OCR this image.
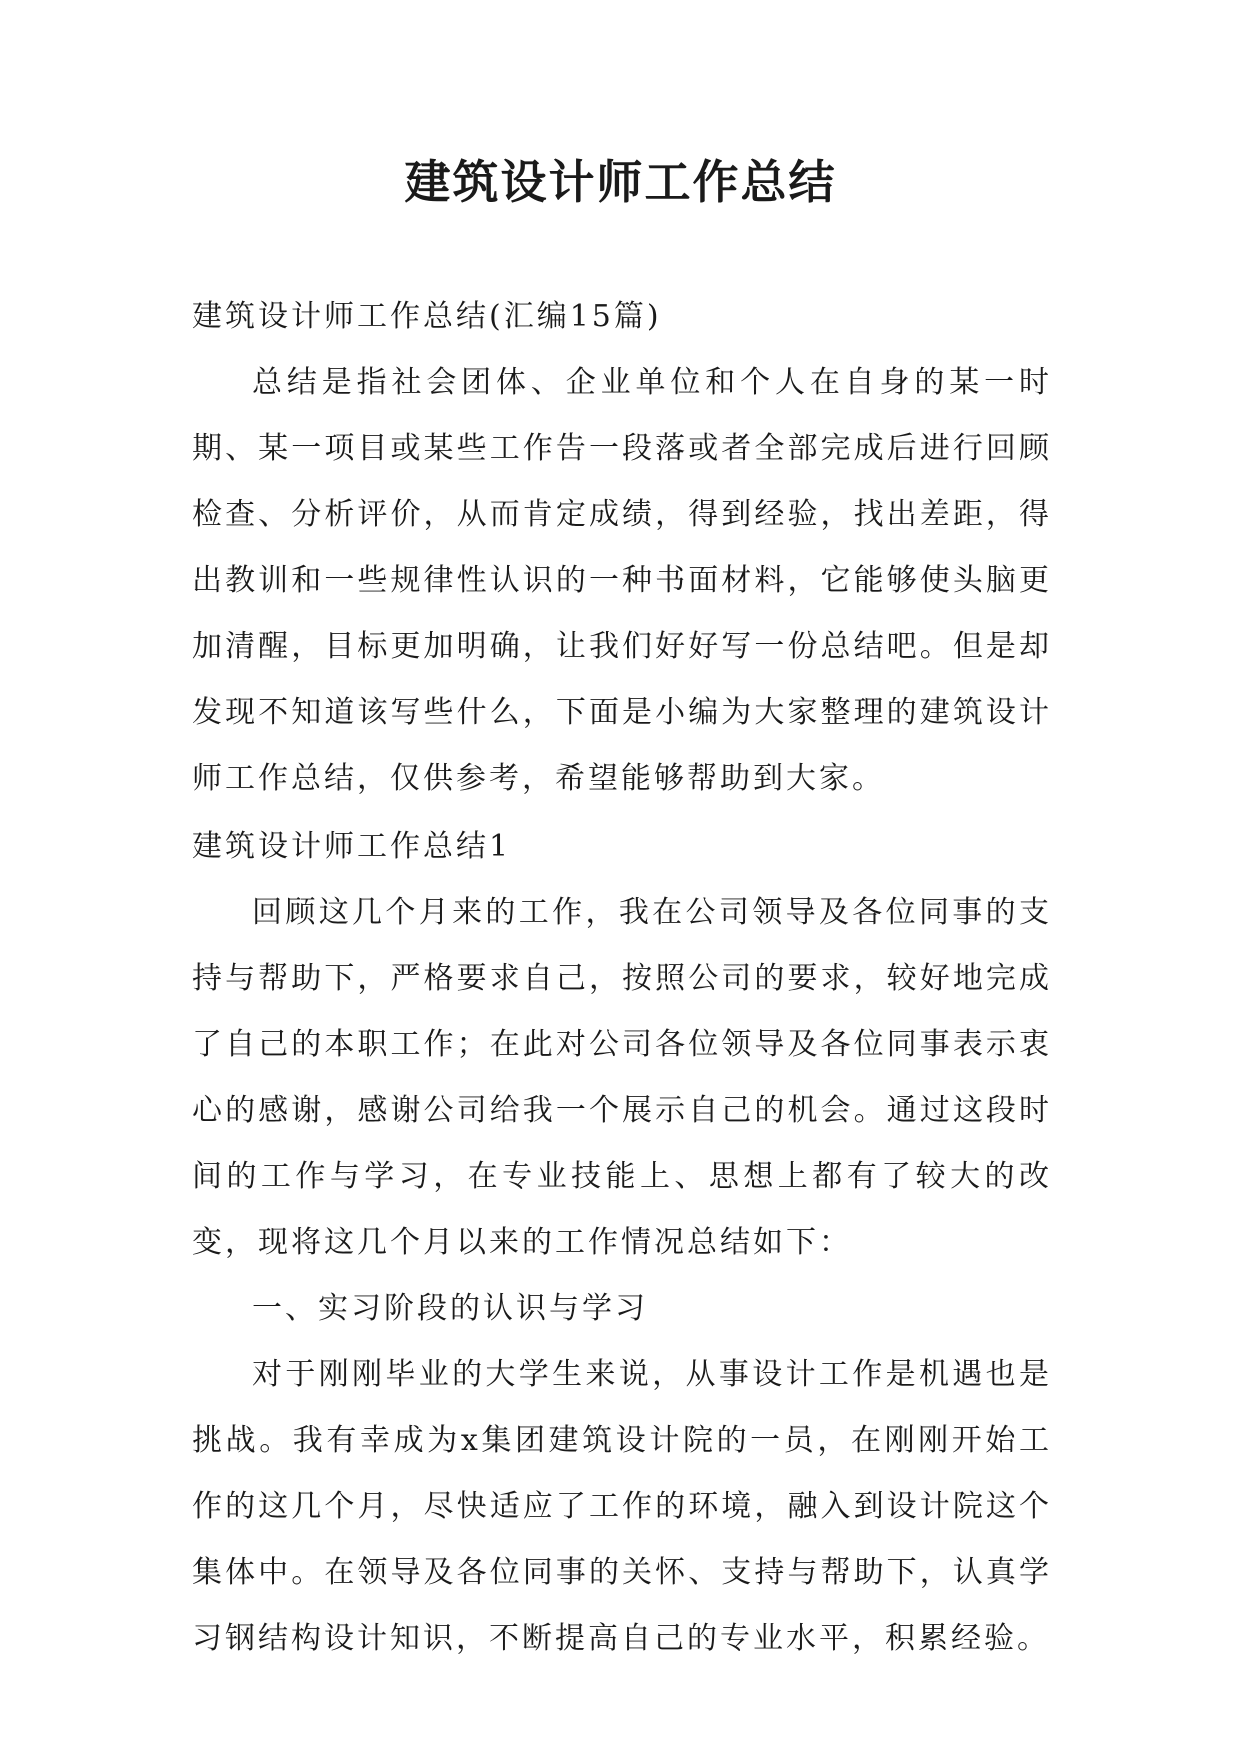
建筑设计师工作总结

建筑设计师工作总结(汇编15篇)

总结是指社会团体、企业单位和个人在自身的某一时期、某一项目或某些工作告一段落或者全部完成后进行回顾检查、分析评价，从而肯定成绩，得到经验，找出差距，得出教训和一些规律性认识的一种书面材料，它能够使头脑更加清醒，目标更加明确，让我们好好写一份总结吧。但是却发现不知道该写些什么，下面是小编为大家整理的建筑设计师工作总结，仅供参考，希望能够帮助到大家。

建筑设计师工作总结1

回顾这几个月来的工作，我在公司领导及各位同事的支持与帮助下，严格要求自己，按照公司的要求，较好地完成了自己的本职工作；在此对公司各位领导及各位同事表示衷心的感谢，感谢公司给我一个展示自己的机会。通过这段时间的工作与学习，在专业技能上、思想上都有了较大的改变，现将这几个月以来的工作情况总结如下：

一、实习阶段的认识与学习

对于刚刚毕业的大学生来说，从事设计工作是机遇也是挑战。我有幸成为x集团建筑设计院的一员，在刚刚开始工作的这几个月，尽快适应了工作的环境，融入到设计院这个集体中。在领导及各位同事的关怀、支持与帮助下，认真学习钢结构设计知识，不断提高自己的专业水平，积累经验。
